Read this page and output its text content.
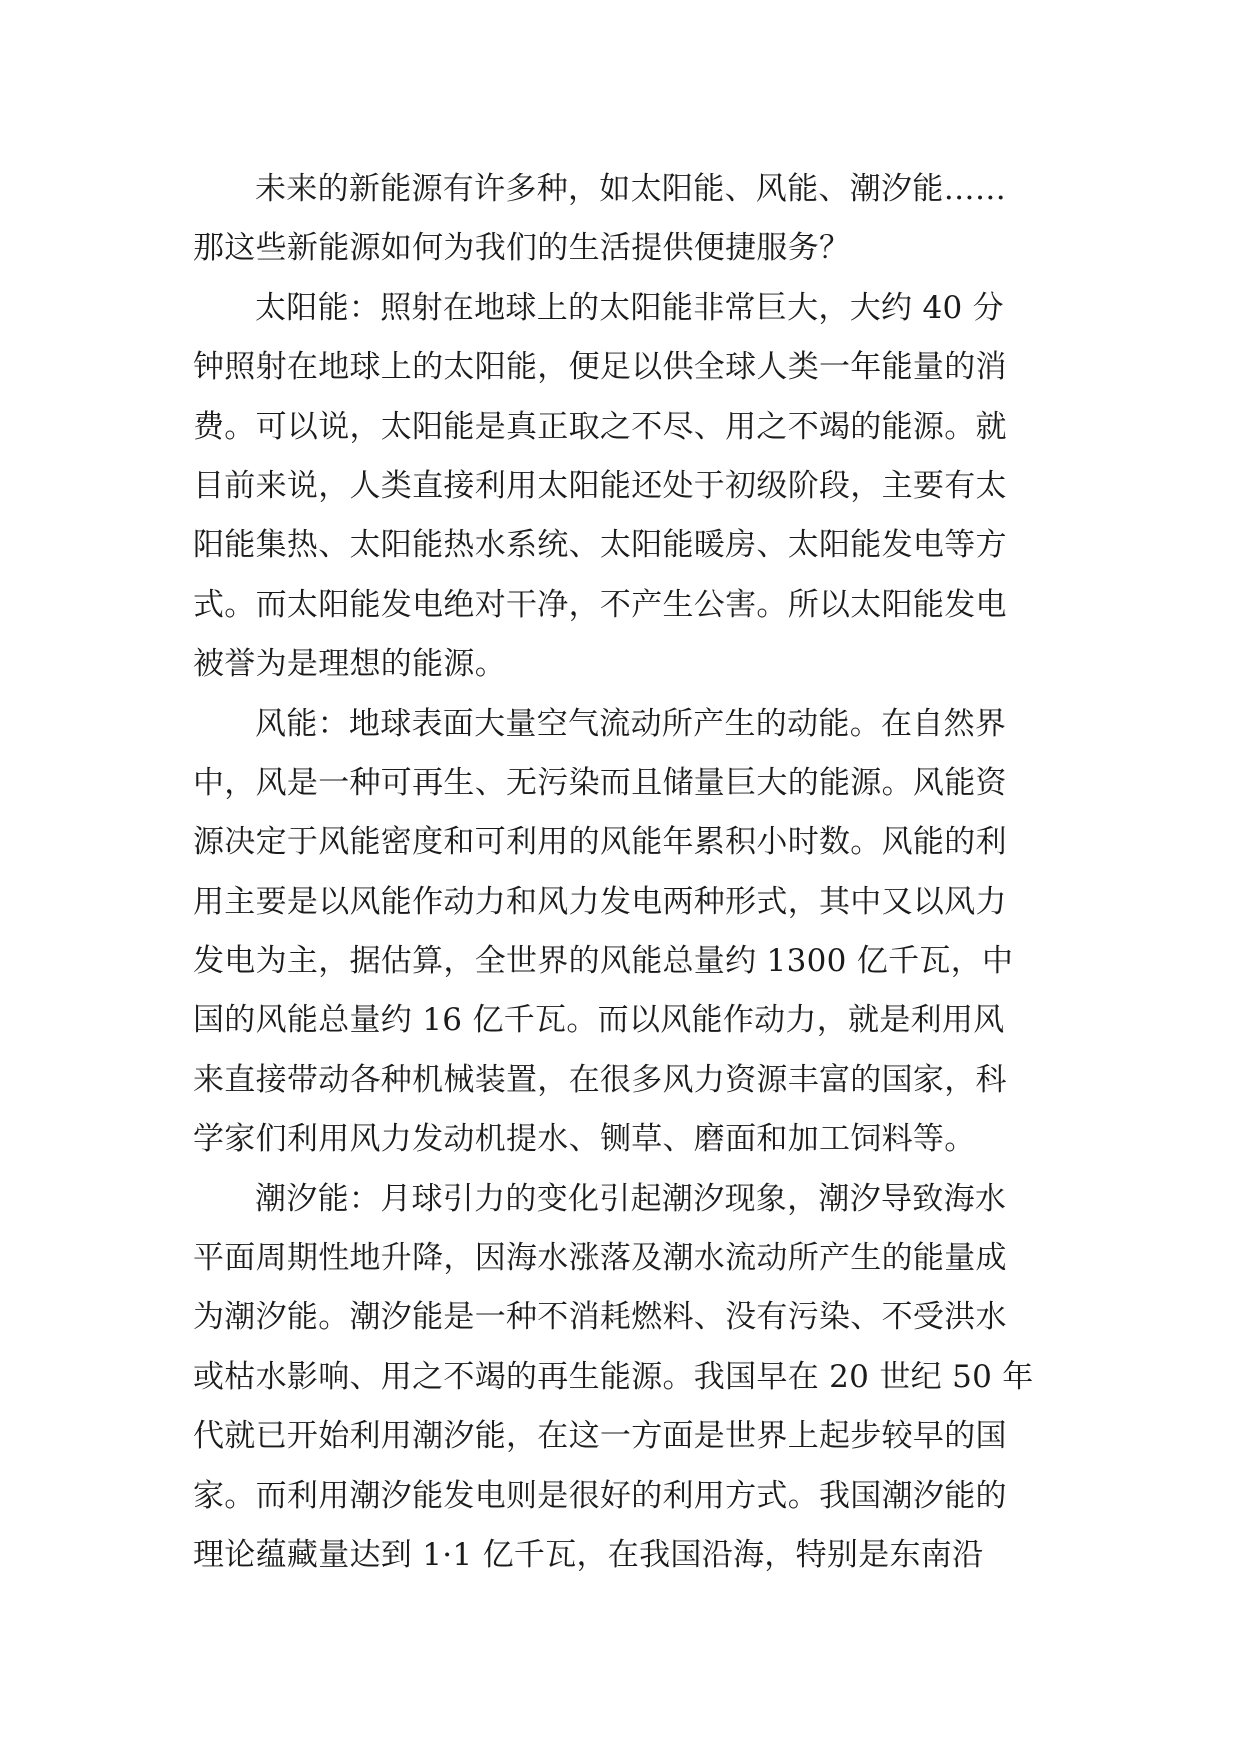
未来的新能源有许多种，如太阳能、风能、潮汐能……
那这些新能源如何为我们的生活提供便捷服务？
太阳能：照射在地球上的太阳能非常巨大，大约 40 分
钟照射在地球上的太阳能，便足以供全球人类一年能量的消
费。可以说，太阳能是真正取之不尽、用之不竭的能源。就
目前来说，人类直接利用太阳能还处于初级阶段，主要有太
阳能集热、太阳能热水系统、太阳能暖房、太阳能发电等方
式。而太阳能发电绝对干净，不产生公害。所以太阳能发电
被誉为是理想的能源。
风能：地球表面大量空气流动所产生的动能。在自然界
中，风是一种可再生、无污染而且储量巨大的能源。风能资
源决定于风能密度和可利用的风能年累积小时数。风能的利
用主要是以风能作动力和风力发电两种形式，其中又以风力
发电为主，据估算，全世界的风能总量约 1300 亿千瓦，中
国的风能总量约 16 亿千瓦。而以风能作动力，就是利用风
来直接带动各种机械装置，在很多风力资源丰富的国家，科
学家们利用风力发动机提水、铡草、磨面和加工饲料等。
潮汐能：月球引力的变化引起潮汐现象，潮汐导致海水
平面周期性地升降，因海水涨落及潮水流动所产生的能量成
为潮汐能。潮汐能是一种不消耗燃料、没有污染、不受洪水
或枯水影响、用之不竭的再生能源。我国早在 20 世纪 50 年
代就已开始利用潮汐能，在这一方面是世界上起步较早的国
家。而利用潮汐能发电则是很好的利用方式。我国潮汐能的
理论蕴藏量达到 1·1 亿千瓦，在我国沿海，特别是东南沿
